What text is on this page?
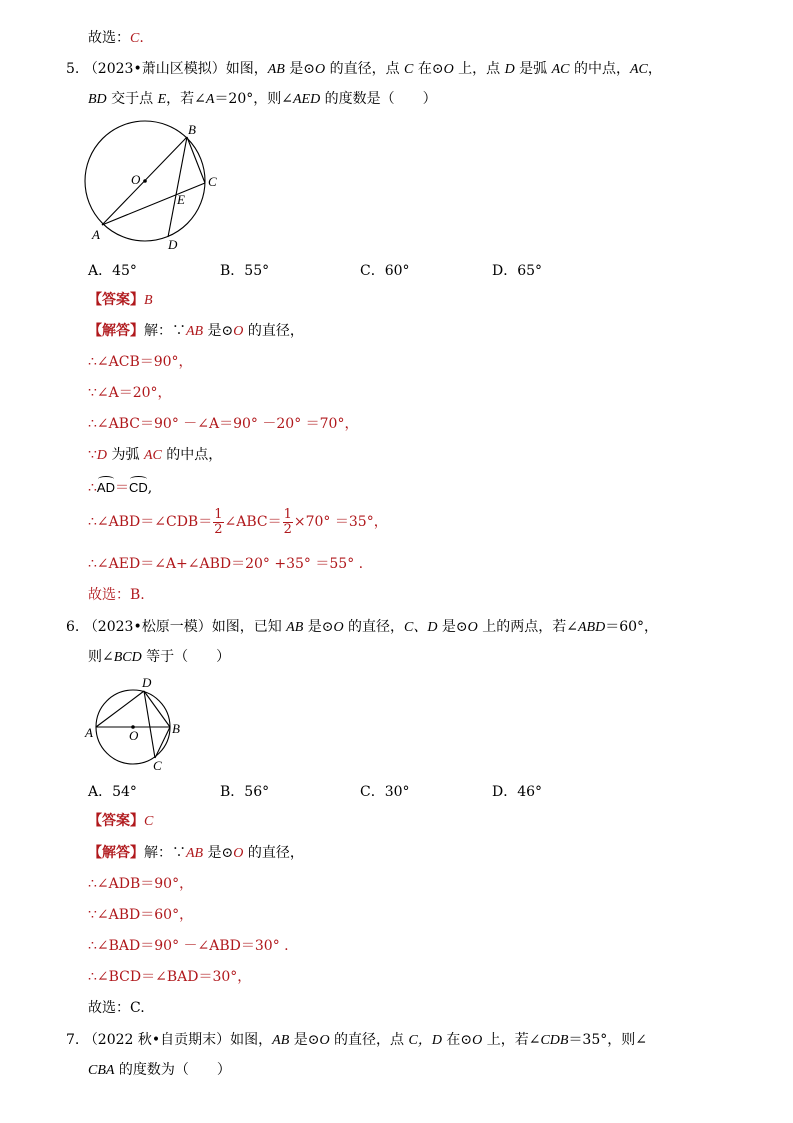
故选：C.
5. （2023•萧山区模拟）如图，AB 是⊙O 的直径，点 C 在⊙O 上，点 D 是弧 AC 的中点，AC，
BD 交于点 E，若∠A＝20°，则∠AED 的度数是（　　）
O
B
C
E
A
D
A．45°	B．55°	C．60°	D．65°
【答案】B
【解答】解：∵AB 是⊙O 的直径，
∴∠ACB＝90°，
∵∠A＝20°，
∴∠ABC＝90° －∠A＝90° －20° ＝70°，
∵D 为弧 AC 的中点，
∴AD＝CD,
∴∠ABD＝∠CDB＝ $\frac{1}{2}$ ∠ABC＝ $\frac{1}{2} \times 70^\circ =35^\circ$，
∴∠AED＝∠A+∠ABD＝20° +35° ＝55° .
故选：B.
6. （2023•松原一模）如图，已知 AB 是⊙O 的直径，C、D 是⊙O 上的两点，若∠ABD＝60°，
则∠BCD 等于（　　）
D
A	B
O
C
A．54°	B．56°	C．30°	D．46°
【答案】C
【解答】解：∵AB 是⊙O 的直径，
∴∠ADB＝90°，
∵∠ABD＝60°，
∴∠BAD＝90° －∠ABD＝30° .
∴∠BCD＝∠BAD＝30°，
故选：C.
7. （2022 秋•自贡期末）如图，AB 是⊙O 的直径，点 C，D 在⊙O 上，若∠CDB＝35°，则∠
CBA 的度数为（　　）
